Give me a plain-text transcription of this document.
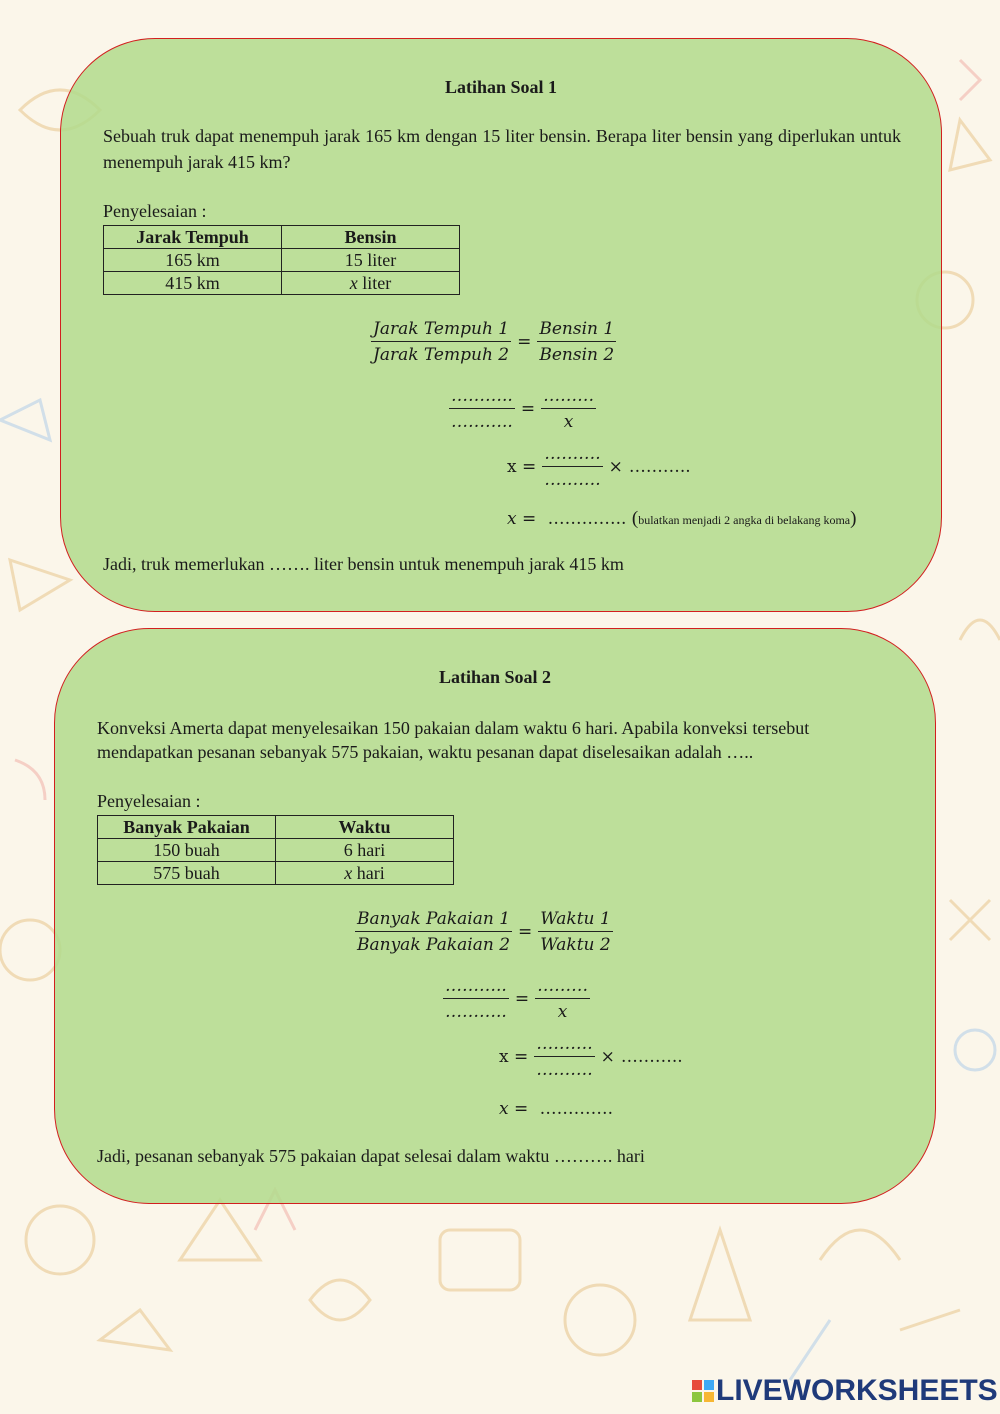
Latihan Soal 1
Sebuah truk dapat menempuh jarak 165 km dengan 15 liter bensin. Berapa liter bensin yang diperlukan untuk menempuh jarak 415 km?
Penyelesaian :
Jarak Tempuh	Bensin
165 km	15 liter
415 km	x liter
$\frac{\text{Jarak Tempuh 1}}{\text{Jarak Tempuh 2}} = \frac{\text{Bensin 1}}{\text{Bensin 2}}$
$\frac{\dots\dots\dots..}{\dots\dots\dots..} = \frac{\dots\dots\dots}{x}$
$x = \frac{\dots\dots\dots.}{\dots\dots\dots.}$ × ………..
x = ………….. (bulatkan menjadi 2 angka di belakang koma)
Jadi, truk memerlukan ……. liter bensin untuk menempuh jarak 415 km
Latihan Soal 2
Konveksi Amerta dapat menyelesaikan 150 pakaian dalam waktu 6 hari. Apabila konveksi tersebut
mendapatkan pesanan sebanyak 575 pakaian, waktu pesanan dapat diselesaikan adalah …..
Penyelesaian :
Banyak Pakaian	Waktu
150 buah	6 hari
575 buah	x hari
$\frac{\text{Banyak Pakaian 1}}{\text{Banyak Pakaian 2}} = \frac{\text{Waktu 1}}{\text{Waktu 2}}$
$\frac{\dots\dots\dots..}{\dots\dots\dots..} = \frac{\dots\dots\dots}{x}$
$x = \frac{\dots\dots\dots.}{\dots\dots\dots.}$ × ………..
x = ………….
Jadi, pesanan sebanyak 575 pakaian dapat selesai dalam waktu ………. hari
LIVEWORKSHEETS
